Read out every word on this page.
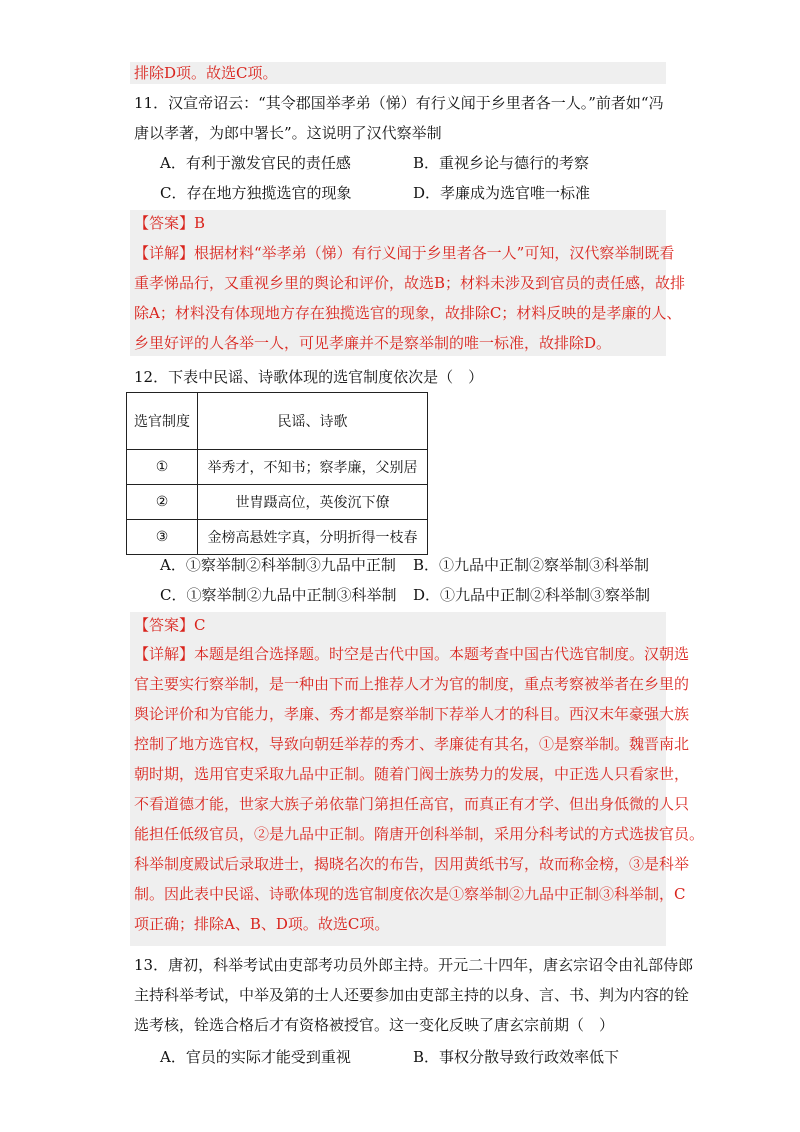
排除D项。故选C项。
11．汉宣帝诏云：“其令郡国举孝弟（悌）有行义闻于乡里者各一人。”前者如“冯
唐以孝著，为郎中署长”。这说明了汉代察举制
A．有利于激发官民的责任感	B．重视乡论与德行的考察
C．存在地方独揽选官的现象	D．孝廉成为选官唯一标准
【答案】B
【详解】根据材料“举孝弟（悌）有行义闻于乡里者各一人”可知，汉代察举制既看
重孝悌品行，又重视乡里的舆论和评价，故选B；材料未涉及到官员的责任感，故排
除A；材料没有体现地方存在独揽选官的现象，故排除C；材料反映的是孝廉的人、
乡里好评的人各举一人，可见孝廉并不是察举制的唯一标准，故排除D。
12．下表中民谣、诗歌体现的选官制度依次是（　）
选官制度	民谣、诗歌
①	举秀才，不知书；察孝廉，父别居
②	世胄蹑高位，英俊沉下僚
③	金榜高悬姓字真，分明折得一枝春
A．①察举制②科举制③九品中正制 B．①九品中正制②察举制③科举制
C．①察举制②九品中正制③科举制 D．①九品中正制②科举制③察举制
【答案】C
【详解】本题是组合选择题。时空是古代中国。本题考查中国古代选官制度。汉朝选
官主要实行察举制，是一种由下而上推荐人才为官的制度，重点考察被举者在乡里的
舆论评价和为官能力，孝廉、秀才都是察举制下荐举人才的科目。西汉末年豪强大族
控制了地方选官权，导致向朝廷举荐的秀才、孝廉徒有其名，①是察举制。魏晋南北
朝时期，选用官吏采取九品中正制。随着门阀士族势力的发展，中正选人只看家世，
不看道德才能，世家大族子弟依靠门第担任高官，而真正有才学、但出身低微的人只
能担任低级官员，②是九品中正制。隋唐开创科举制，采用分科考试的方式选拔官员。
科举制度殿试后录取进士，揭晓名次的布告，因用黄纸书写，故而称金榜，③是科举
制。因此表中民谣、诗歌体现的选官制度依次是①察举制②九品中正制③科举制，C
项正确；排除A、B、D项。故选C项。
13．唐初，科举考试由吏部考功员外郎主持。开元二十四年，唐玄宗诏令由礼部侍郎
主持科举考试，中举及第的士人还要参加由吏部主持的以身、言、书、判为内容的铨
选考核，铨选合格后才有资格被授官。这一变化反映了唐玄宗前期（　）
A．官员的实际才能受到重视	B．事权分散导致行政效率低下
